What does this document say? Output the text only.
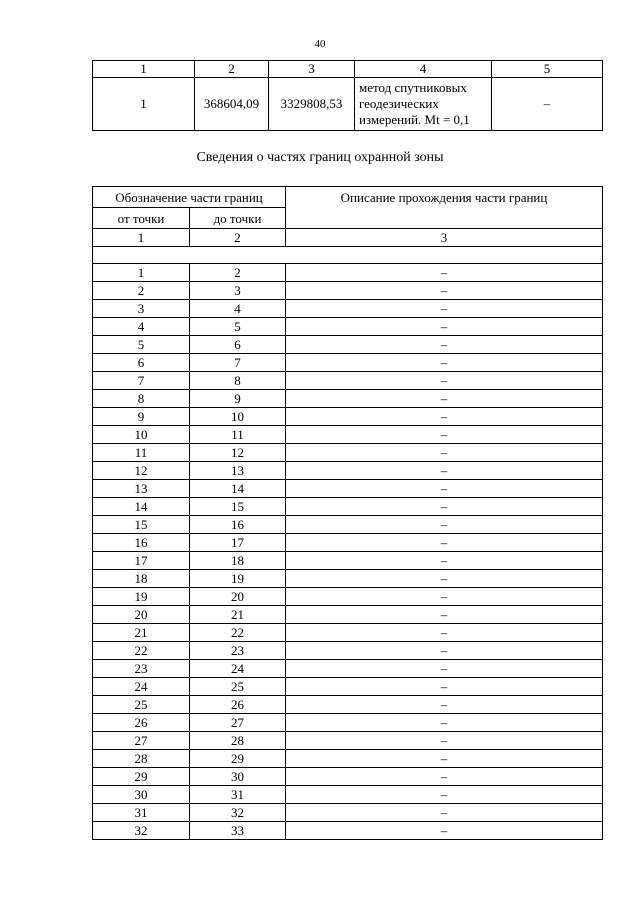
40
1	2	3	4	5
1	368604,09	3329808,53	метод спутниковых
геодезических
измерений. Mt = 0,1	–
Сведения о частях границ охранной зоны
Обозначение части границ		Описание прохождения части границ
от точки	до точки	
1	2	3

1	2	–
2	3	–
3	4	–
4	5	–
5	6	–
6	7	–
7	8	–
8	9	–
9	10	–
10	11	–
11	12	–
12	13	–
13	14	–
14	15	–
15	16	–
16	17	–
17	18	–
18	19	–
19	20	–
20	21	–
21	22	–
22	23	–
23	24	–
24	25	–
25	26	–
26	27	–
27	28	–
28	29	–
29	30	–
30	31	–
31	32	–
32	33	–
